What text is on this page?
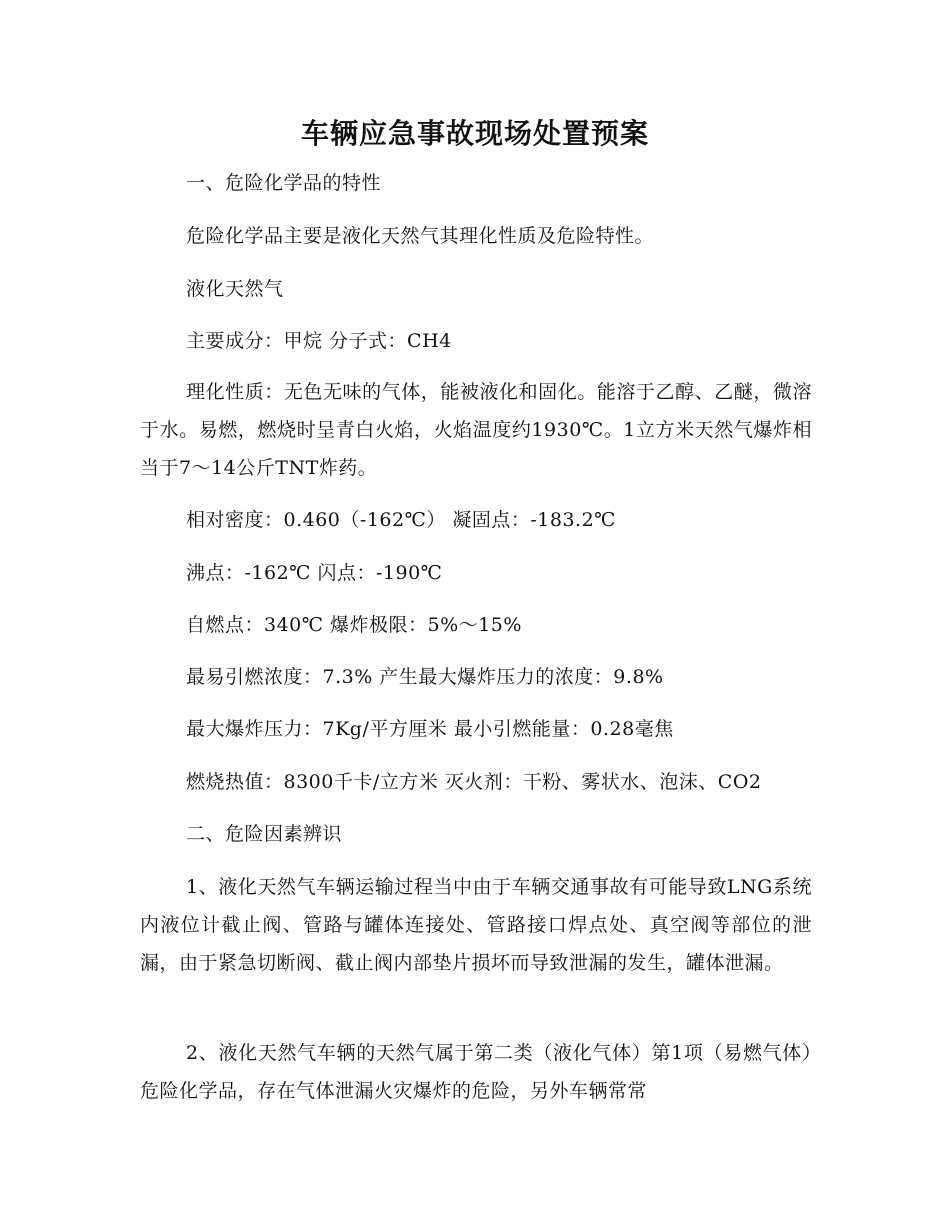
车辆应急事故现场处置预案
一、危险化学品的特性
危险化学品主要是液化天然气其理化性质及危险特性。
液化天然气
主要成分：甲烷 分子式：CH4
理化性质：无色无味的气体，能被液化和固化。能溶于乙醇、乙醚，微溶于水。易燃，燃烧时呈青白火焰，火焰温度约1930℃。1立方米天然气爆炸相当于7～14公斤TNT炸药。
相对密度：0.460（-162℃） 凝固点：-183.2℃
沸点：-162℃ 闪点：-190℃
自燃点：340℃ 爆炸极限：5%～15%
最易引燃浓度：7.3% 产生最大爆炸压力的浓度：9.8%
最大爆炸压力：7Kg/平方厘米 最小引燃能量：0.28毫焦
燃烧热值：8300千卡/立方米 灭火剂：干粉、雾状水、泡沫、CO2
二、危险因素辨识
1、液化天然气车辆运输过程当中由于车辆交通事故有可能导致LNG系统内液位计截止阀、管路与罐体连接处、管路接口焊点处、真空阀等部位的泄漏，由于紧急切断阀、截止阀内部垫片损坏而导致泄漏的发生，罐体泄漏。
2、液化天然气车辆的天然气属于第二类（液化气体）第1项（易燃气体）危险化学品，存在气体泄漏火灾爆炸的危险，另外车辆常常
